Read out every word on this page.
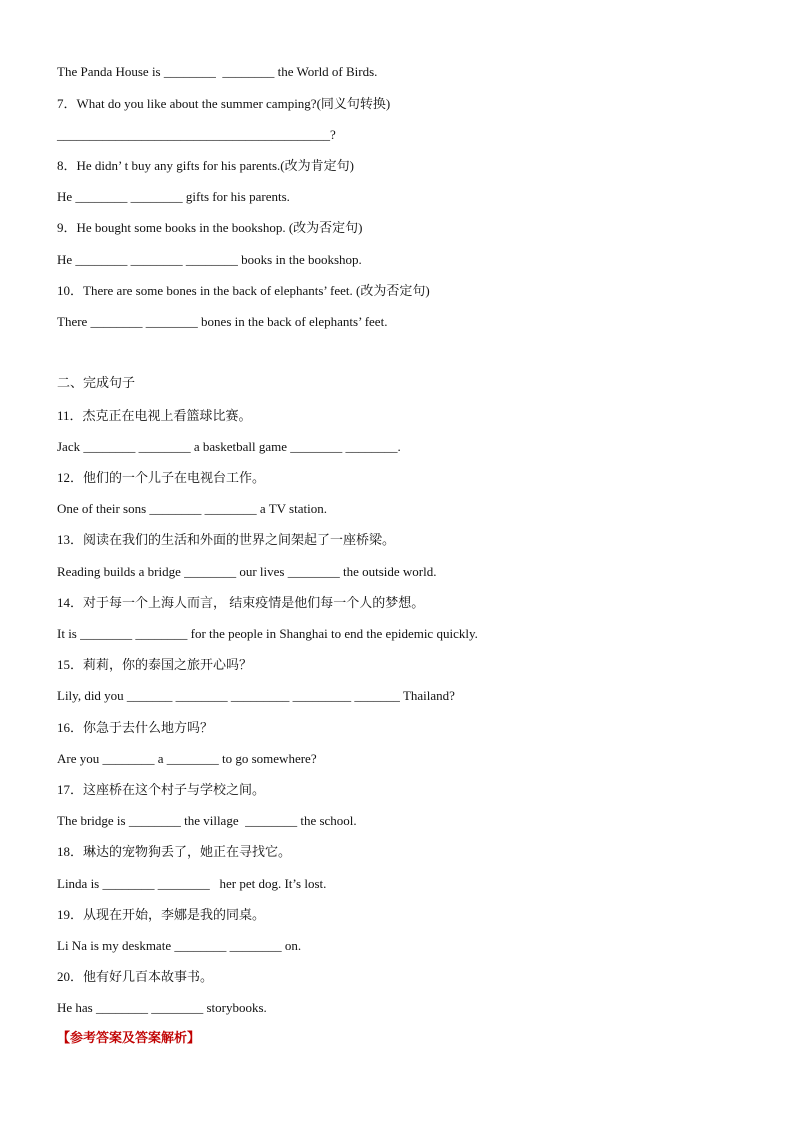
The Panda House is ________  ________ the World of Birds.
7．What do you like about the summer camping?(同义句转换)
__________________________________________?
8．He didn’ t buy any gifts for his parents.(改为肯定句)
He ________ ________ gifts for his parents.
9．He bought some books in the bookshop. (改为否定句)
He ________ ________ ________ books in the bookshop.
10．There are some bones in the back of elephants’ feet. (改为否定句)
There ________ ________ bones in the back of elephants’ feet.
二、完成句子
11．杰克正在电视上看篮球比赛。
Jack ________ ________ a basketball game ________ ________.
12．他们的一个儿子在电视台工作。
One of their sons ________ ________ a TV station.
13．阅读在我们的生活和外面的世界之间架起了一座桥梁。
Reading builds a bridge ________ our lives ________ the outside world.
14．对于每一个上海人而言， 结束疫情是他们每一个人的梦想。
It is ________ ________ for the people in Shanghai to end the epidemic quickly.
15．莉莉，你的泰国之旅开心吗？
Lily, did you _______ ________ _________ _________ _______ Thailand?
16．你急于去什么地方吗？
Are you ________ a ________ to go somewhere?
17．这座桥在这个村子与学校之间。
The bridge is ________ the village  ________ the school.
18．琳达的宠物狗丢了，她正在寻找它。
Linda is ________ ________   her pet dog. It’s lost.
19．从现在开始，李娜是我的同桌。
Li Na is my deskmate ________ ________ on.
20．他有好几百本故事书。
He has ________ ________ storybooks.
【参考答案及答案解析】
